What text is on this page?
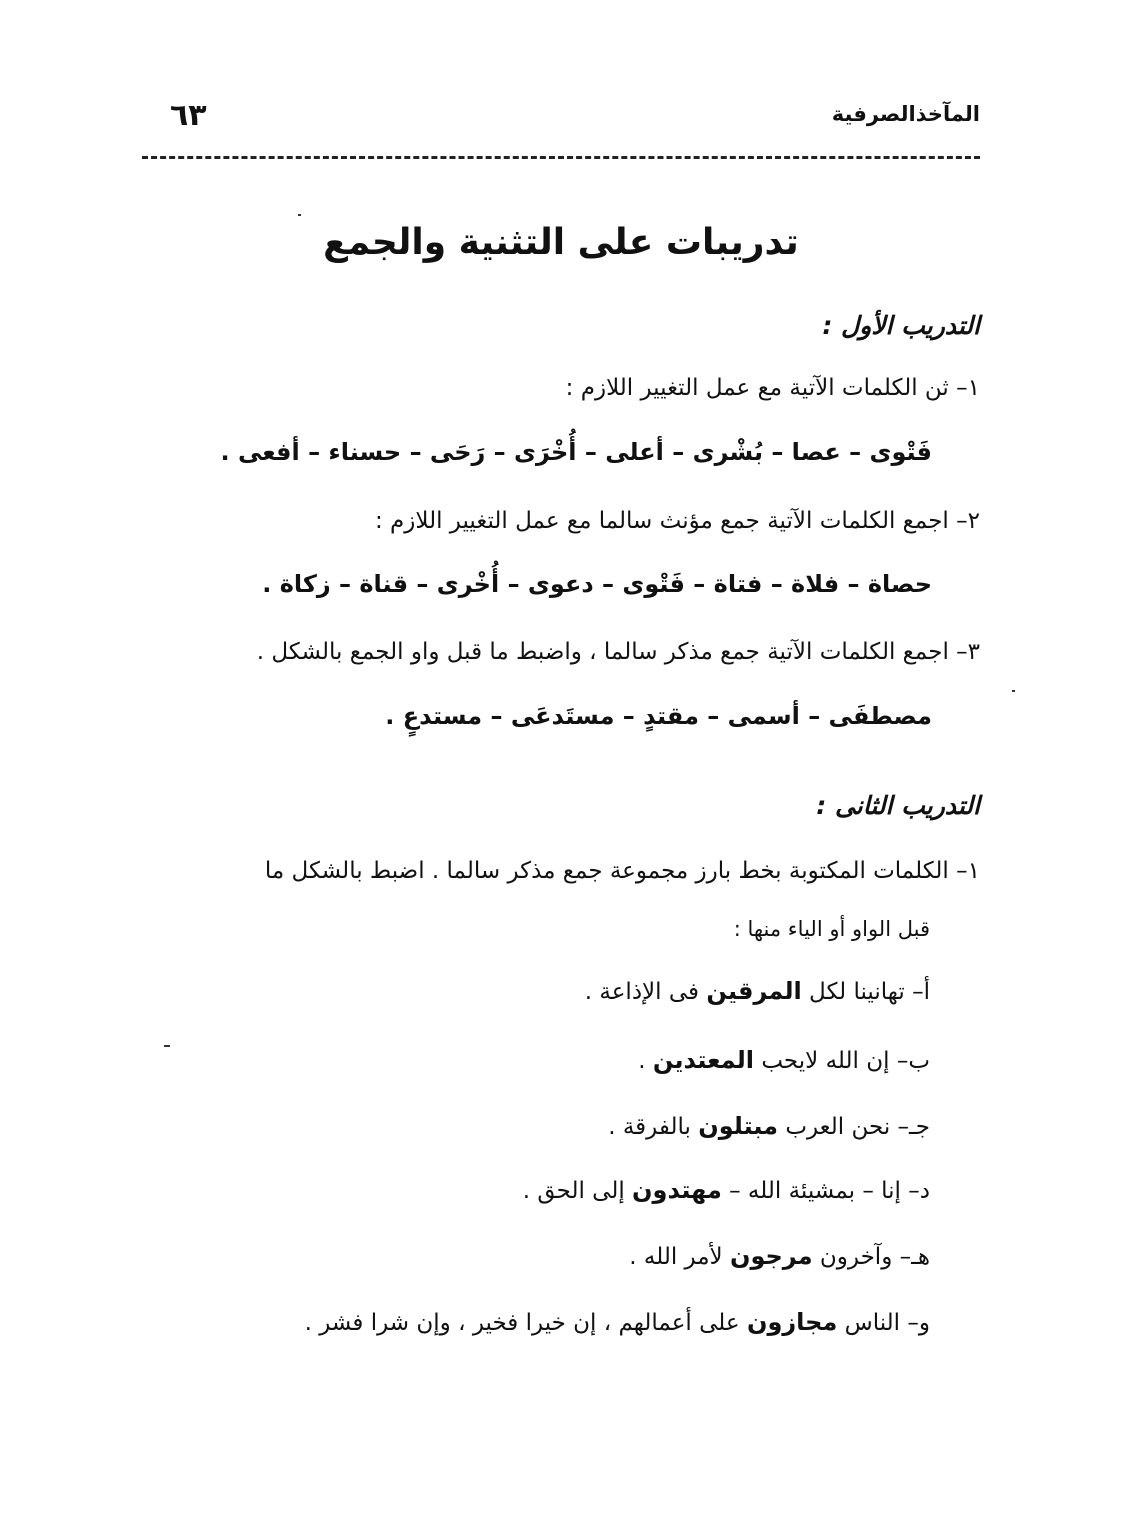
المآخذالصرفية
٦٣
تدريبات على التثنية والجمع
التدريب الأول :
١– ثن الكلمات الآتية مع عمل التغيير اللازم :
فَتْوى – عصا – بُشْرى – أعلى – أُخْرَى – رَحَى – حسناء – أفعى .
٢– اجمع الكلمات الآتية جمع مؤنث سالما مع عمل التغيير اللازم :
حصاة – فلاة – فتاة – فَتْوى – دعوى – أُخْرى – قناة – زكاة .
٣– اجمع الكلمات الآتية جمع مذكر سالما ، واضبط ما قبل واو الجمع بالشكل .
مصطفَى – أسمى – مقتدٍ – مستَدعَى – مستدعٍ .
التدريب الثانى :
١– الكلمات المكتوبة بخط بارز مجموعة جمع مذكر سالما . اضبط بالشكل ما
قبل الواو أو الياء منها :
أ– تهانينا لكل المرقين فى الإذاعة .
ب– إن الله لايحب المعتدين .
جـ– نحن العرب مبتلون بالفرقة .
د– إنا – بمشيئة الله – مهتدون إلى الحق .
هـ– وآخرون مرجون لأمر الله .
و– الناس مجازون على أعمالهم ، إن خيرا فخير ، وإن شرا فشر .
